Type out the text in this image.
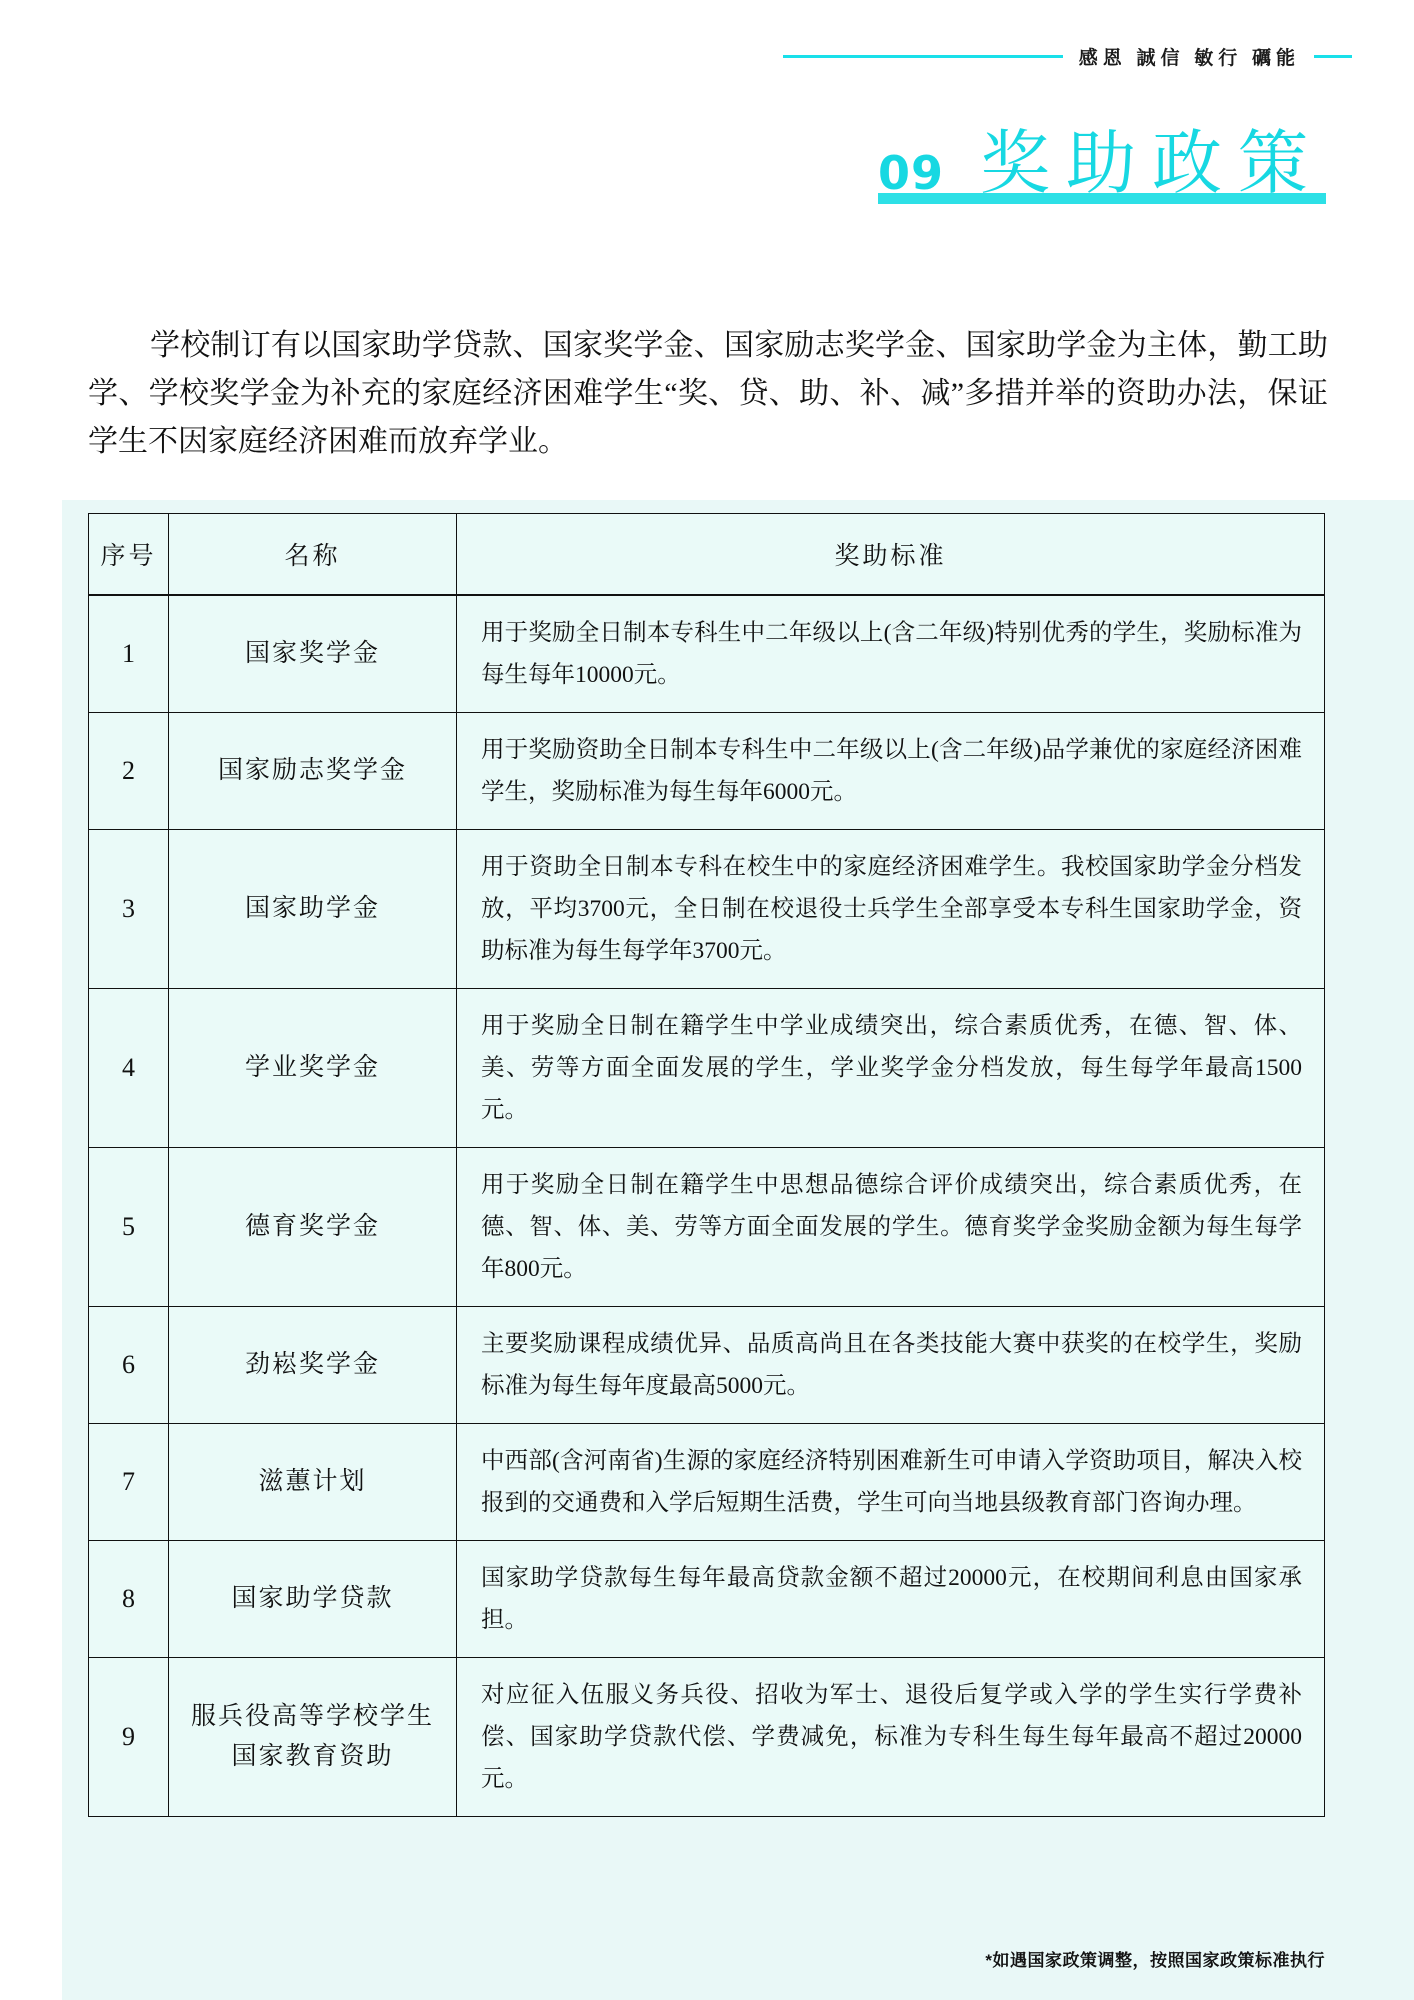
感恩 誠信 敏行 礪能
09 奖助政策
学校制订有以国家助学贷款、国家奖学金、国家励志奖学金、国家助学金为主体，勤工助学、学校奖学金为补充的家庭经济困难学生“奖、贷、助、补、减”多措并举的资助办法，保证学生不因家庭经济困难而放弃学业。
序号	名称	奖助标准
1	国家奖学金	用于奖励全日制本专科生中二年级以上(含二年级)特别优秀的学生，奖励标准为每生每年10000元。
2	国家励志奖学金	用于奖励资助全日制本专科生中二年级以上(含二年级)品学兼优的家庭经济困难学生，奖励标准为每生每年6000元。
3	国家助学金	用于资助全日制本专科在校生中的家庭经济困难学生。我校国家助学金分档发放，平均3700元，全日制在校退役士兵学生全部享受本专科生国家助学金，资助标准为每生每学年3700元。
4	学业奖学金	用于奖励全日制在籍学生中学业成绩突出，综合素质优秀，在德、智、体、美、劳等方面全面发展的学生，学业奖学金分档发放，每生每学年最高1500元。
5	德育奖学金	用于奖励全日制在籍学生中思想品德综合评价成绩突出，综合素质优秀，在德、智、体、美、劳等方面全面发展的学生。德育奖学金奖励金额为每生每学年800元。
6	劲崧奖学金	主要奖励课程成绩优异、品质高尚且在各类技能大赛中获奖的在校学生，奖励标准为每生每年度最高5000元。
7	滋蕙计划	中西部(含河南省)生源的家庭经济特别困难新生可申请入学资助项目，解决入校报到的交通费和入学后短期生活费，学生可向当地县级教育部门咨询办理。
8	国家助学贷款	国家助学贷款每生每年最高贷款金额不超过20000元，在校期间利息由国家承担。
9	服兵役高等学校学生国家教育资助	对应征入伍服义务兵役、招收为军士、退役后复学或入学的学生实行学费补偿、国家助学贷款代偿、学费减免，标准为专科生每生每年最高不超过20000元。
*如遇国家政策调整，按照国家政策标准执行
